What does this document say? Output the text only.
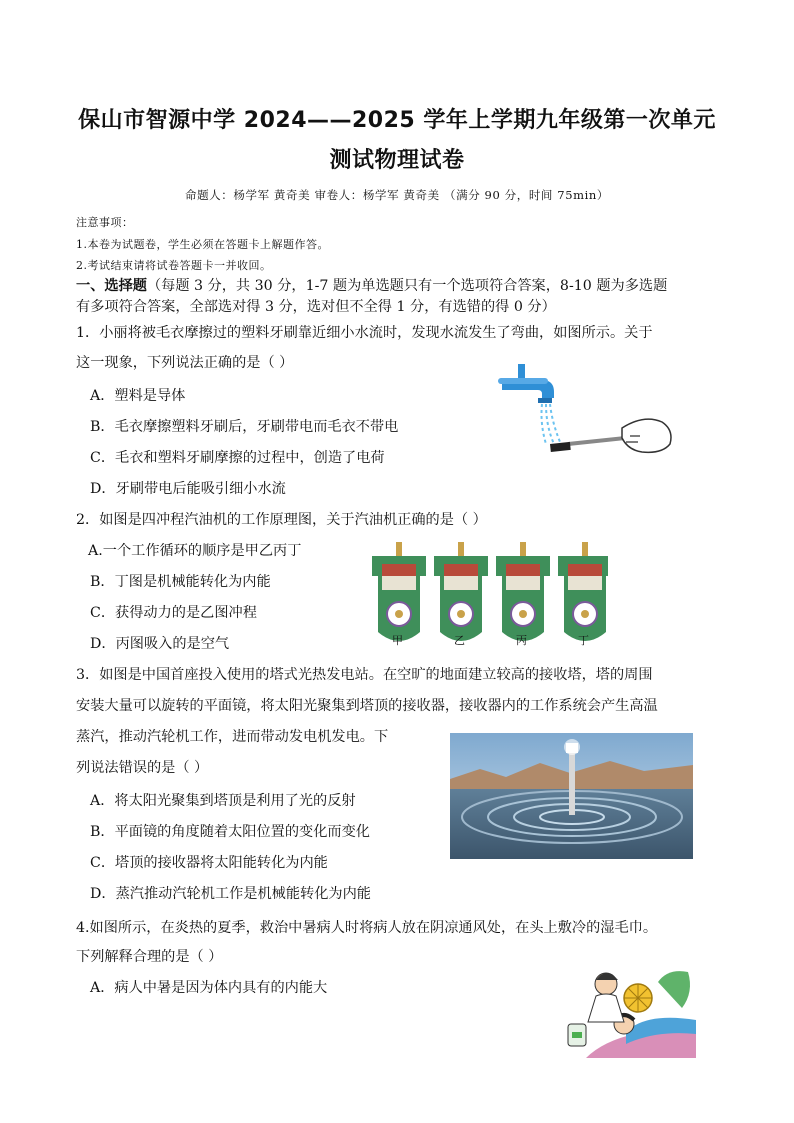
保山市智源中学 2024——2025 学年上学期九年级第一次单元
测试物理试卷
命题人：杨学军 黄奇美 审卷人：杨学军 黄奇美 （满分 90 分，时间 75min）
注意事项：
1.本卷为试题卷，学生必须在答题卡上解题作答。
2.考试结束请将试卷答题卡一并收回。
一、选择题（每题 3 分，共 30 分，1-7 题为单选题只有一个选项符合答案，8-10 题为多选题
有多项符合答案，全部选对得 3 分，选对但不全得 1 分，有选错的得 0 分）
1．小丽将被毛衣摩擦过的塑料牙刷靠近细小水流时，发现水流发生了弯曲，如图所示。关于
这一现象，下列说法正确的是（ ）
A．塑料是导体
B．毛衣摩擦塑料牙刷后，牙刷带电而毛衣不带电
C．毛衣和塑料牙刷摩擦的过程中，创造了电荷
D．牙刷带电后能吸引细小水流
2．如图是四冲程汽油机的工作原理图，关于汽油机正确的是（ ）
A.一个工作循环的顺序是甲乙丙丁
B．丁图是机械能转化为内能
C．获得动力的是乙图冲程
D．丙图吸入的是空气	甲	乙	丙	丁
3．如图是中国首座投入使用的塔式光热发电站。在空旷的地面建立较高的接收塔，塔的周围
安装大量可以旋转的平面镜，将太阳光聚集到塔顶的接收器，接收器内的工作系统会产生高温
蒸汽，推动汽轮机工作，进而带动发电机发电。下
列说法错误的是（ ）
A．将太阳光聚集到塔顶是利用了光的反射
B．平面镜的角度随着太阳位置的变化而变化
C．塔顶的接收器将太阳能转化为内能
D．蒸汽推动汽轮机工作是机械能转化为内能
4.如图所示，在炎热的夏季，救治中暑病人时将病人放在阴凉通风处，在头上敷冷的湿毛巾。
下列解释合理的是（ ）
A．病人中暑是因为体内具有的内能大
